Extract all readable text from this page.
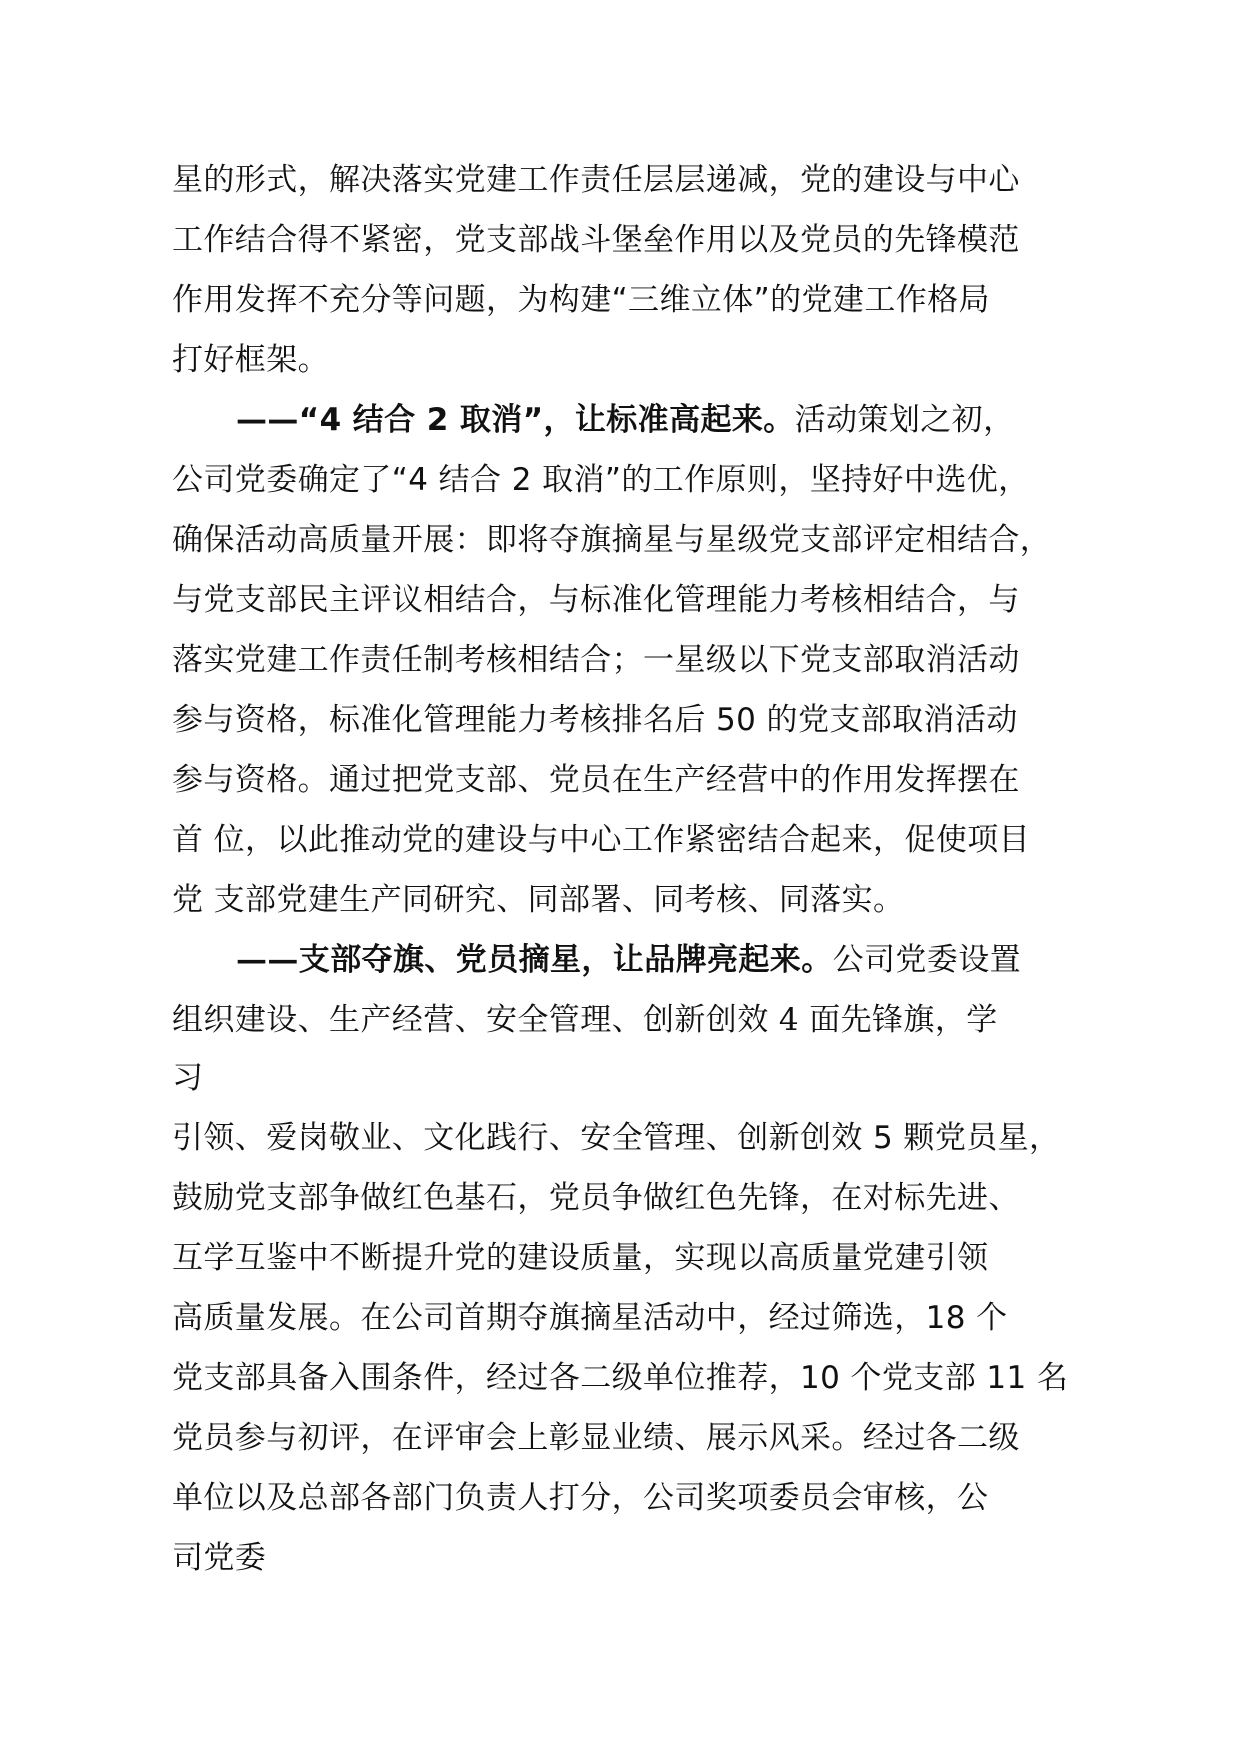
星的形式，解决落实党建工作责任层层递减，党的建设与中心
工作结合得不紧密，党支部战斗堡垒作用以及党员的先锋模范
作用发挥不充分等问题，为构建“三维立体”的党建工作格局
打好框架。
——“4 结合 2 取消”，让标准高起来。活动策划之初，
公司党委确定了“4 结合 2 取消”的工作原则，坚持好中选优，
确保活动高质量开展：即将夺旗摘星与星级党支部评定相结合，
与党支部民主评议相结合，与标准化管理能力考核相结合，与
落实党建工作责任制考核相结合；一星级以下党支部取消活动
参与资格，标准化管理能力考核排名后 50 的党支部取消活动
参与资格。通过把党支部、党员在生产经营中的作用发挥摆在
首 位，以此推动党的建设与中心工作紧密结合起来，促使项目
党 支部党建生产同研究、同部署、同考核、同落实。
——支部夺旗、党员摘星，让品牌亮起来。公司党委设置
组织建设、生产经营、安全管理、创新创效 4 面先锋旗，学
习
引领、爱岗敬业、文化践行、安全管理、创新创效 5 颗党员星，
鼓励党支部争做红色基石，党员争做红色先锋，在对标先进、
互学互鉴中不断提升党的建设质量，实现以高质量党建引领
高质量发展。在公司首期夺旗摘星活动中，经过筛选，18 个
党支部具备入围条件，经过各二级单位推荐，10 个党支部 11 名
党员参与初评，在评审会上彰显业绩、展示风采。经过各二级
单位以及总部各部门负责人打分，公司奖项委员会审核，公
司党委
